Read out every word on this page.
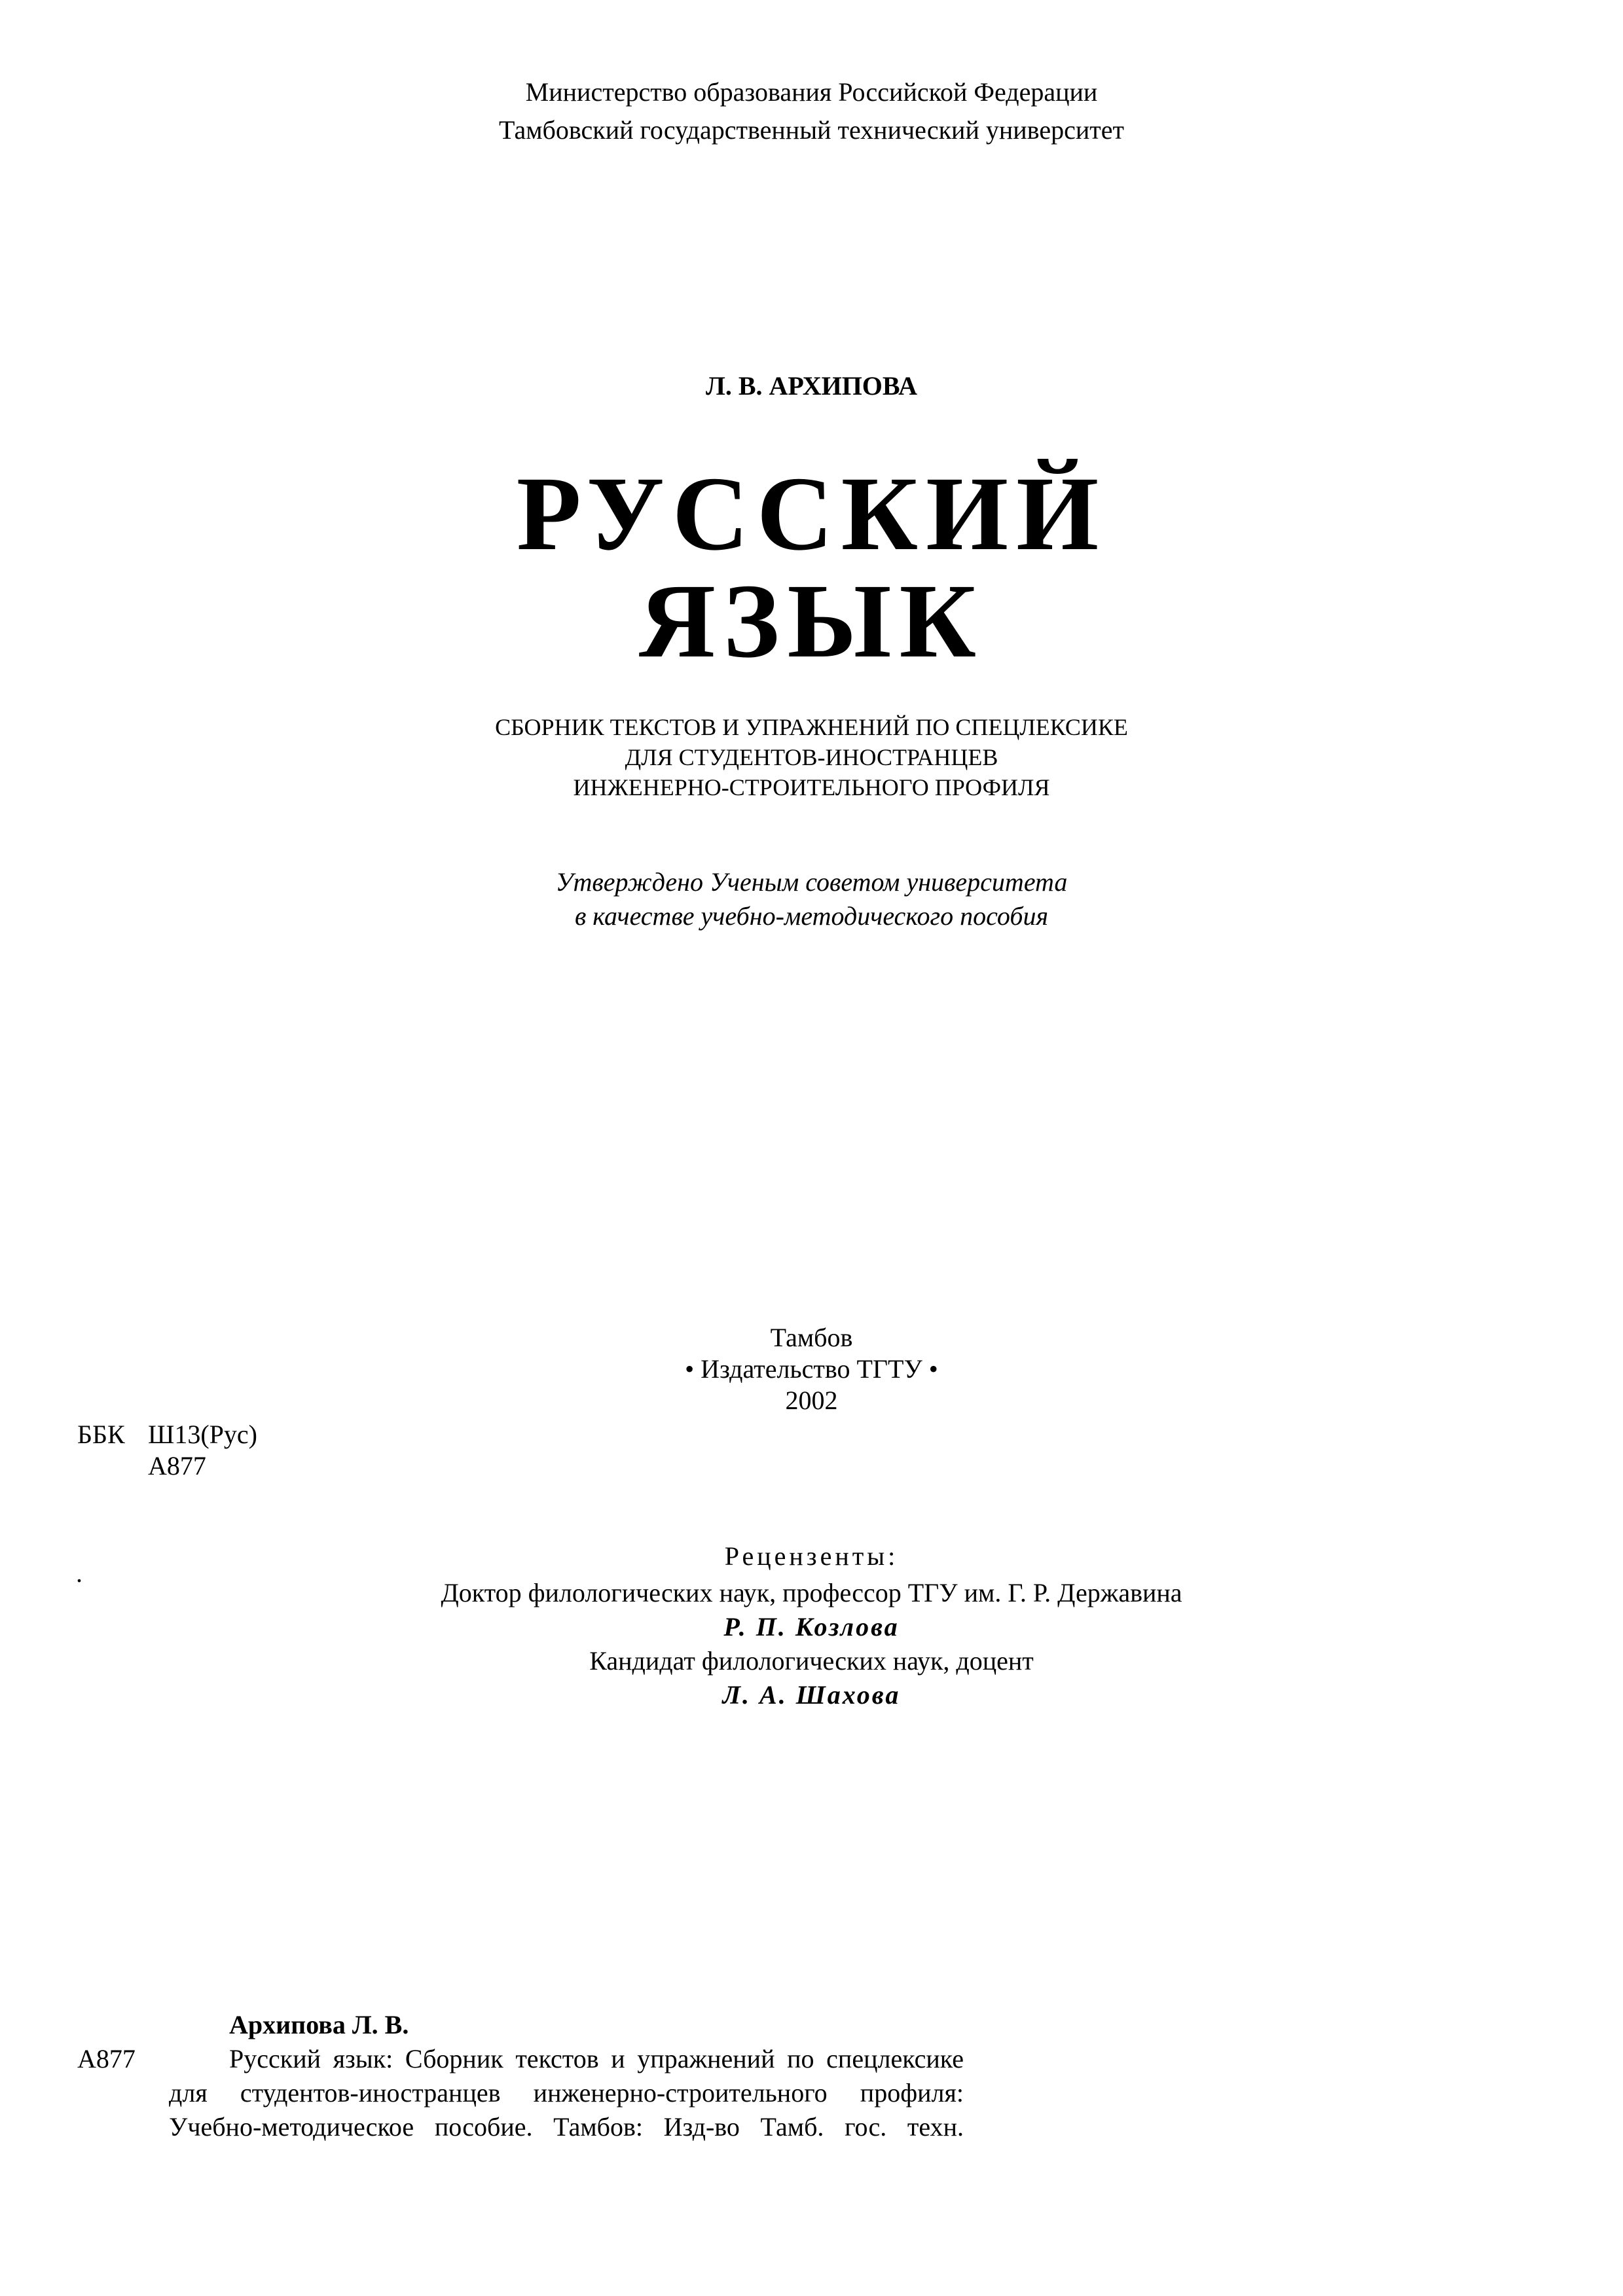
Министерство образования Российской Федерации
Тамбовский государственный технический университет
Л. В. АРХИПОВА
РУССКИЙ
ЯЗЫК
СБОРНИК ТЕКСТОВ И УПРАЖНЕНИЙ ПО СПЕЦЛЕКСИКЕ
ДЛЯ СТУДЕНТОВ-ИНОСТРАНЦЕВ
ИНЖЕНЕРНО-СТРОИТЕЛЬНОГО ПРОФИЛЯ
Утверждено Ученым советом университета
в качестве учебно-методического пособия
Тамбов
• Издательство ТГТУ •
2002
ББК Ш13(Рус)
А877
.
Рецензенты:
Доктор филологических наук, профессор ТГУ им. Г. Р. Державина
Р. П. Козлова
Кандидат филологических наук, доцент
Л. А. Шахова
Архипова Л. В.
А877	Русский язык: Сборник текстов и упражнений по спецлексике
для студентов-иностранцев инженерно-строительного профиля:
Учебно-методическое пособие. Тамбов: Изд-во Тамб. гос. техн.
